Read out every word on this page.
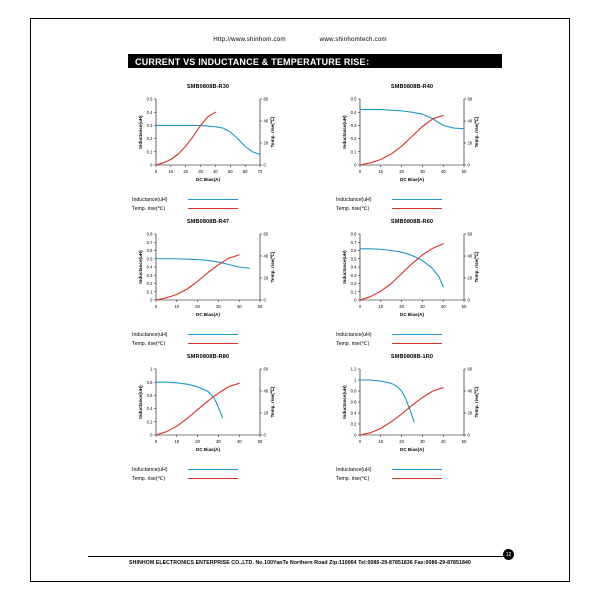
Http://www.shinhom.com	www.shinhomtech.com
CURRENT VS INDUCTANCE & TEMPERATURE RISE：
SMB0808B-R30
0	10 20 30 40 50 60 70
0
0.1
0.2
0.3
0.4
0.5
0
20
40
60
DC Bias(A)
Inductance(uH)	Temp. rise(℃)
Inductance(uH)
Temp. rise(℃)
SMB0808B-R40
0	10	20	30	40	50
0
0.1
0.2
0.3
0.4
0.5
0
20
40
60
DC Bias(A)
Inductance(uH)	Temp. rise(℃)
Inductance(uH)
Temp. rise(℃)
SMB0808B-R47
0	10	20	30	40	50
0
0.1
0.2
0.3
0.4
0.5
0.6
0.7
0.8
0
20
40
60
DC Bias(A)
Inductance(uH)	Temp. rise(℃)
Inductance(uH)
Temp. rise(℃)
SMB0808B-R60
0	10	20	30	40	50
0
0.1
0.2
0.3
0.4
0.5
0.6
0.7
0.8
0
20
40
60
DC Bias(A)
Inductance(uH)	Temp. rise(℃)
Inductance(uH)
Temp. rise(℃)
SMR0808B-R80
0	10	20	30	40	50
0
0.2
0.4
0.6
0.8
1
0
20
40
60
DC Bias(A)
Inductance(uH)	Temp. rise(℃)
Inductance(uH)
Temp. rise(℃)
SMB0808B-1R0
0	10	20	30	40	50
0
0.2
0.4
0.6
0.8
1
1.2
0
20
40
60
DC Bias(A)
Inductance(uH)	Temp. rise(℃)
Inductance(uH)
Temp. rise(℃)
SHINHOM ELECTRONICS ENTERPRISE CO.,LTD. No.100YanTe Northern Road Zip:110064 Tel:0086-29-87851836 Fax:0086-29-87851840
12
